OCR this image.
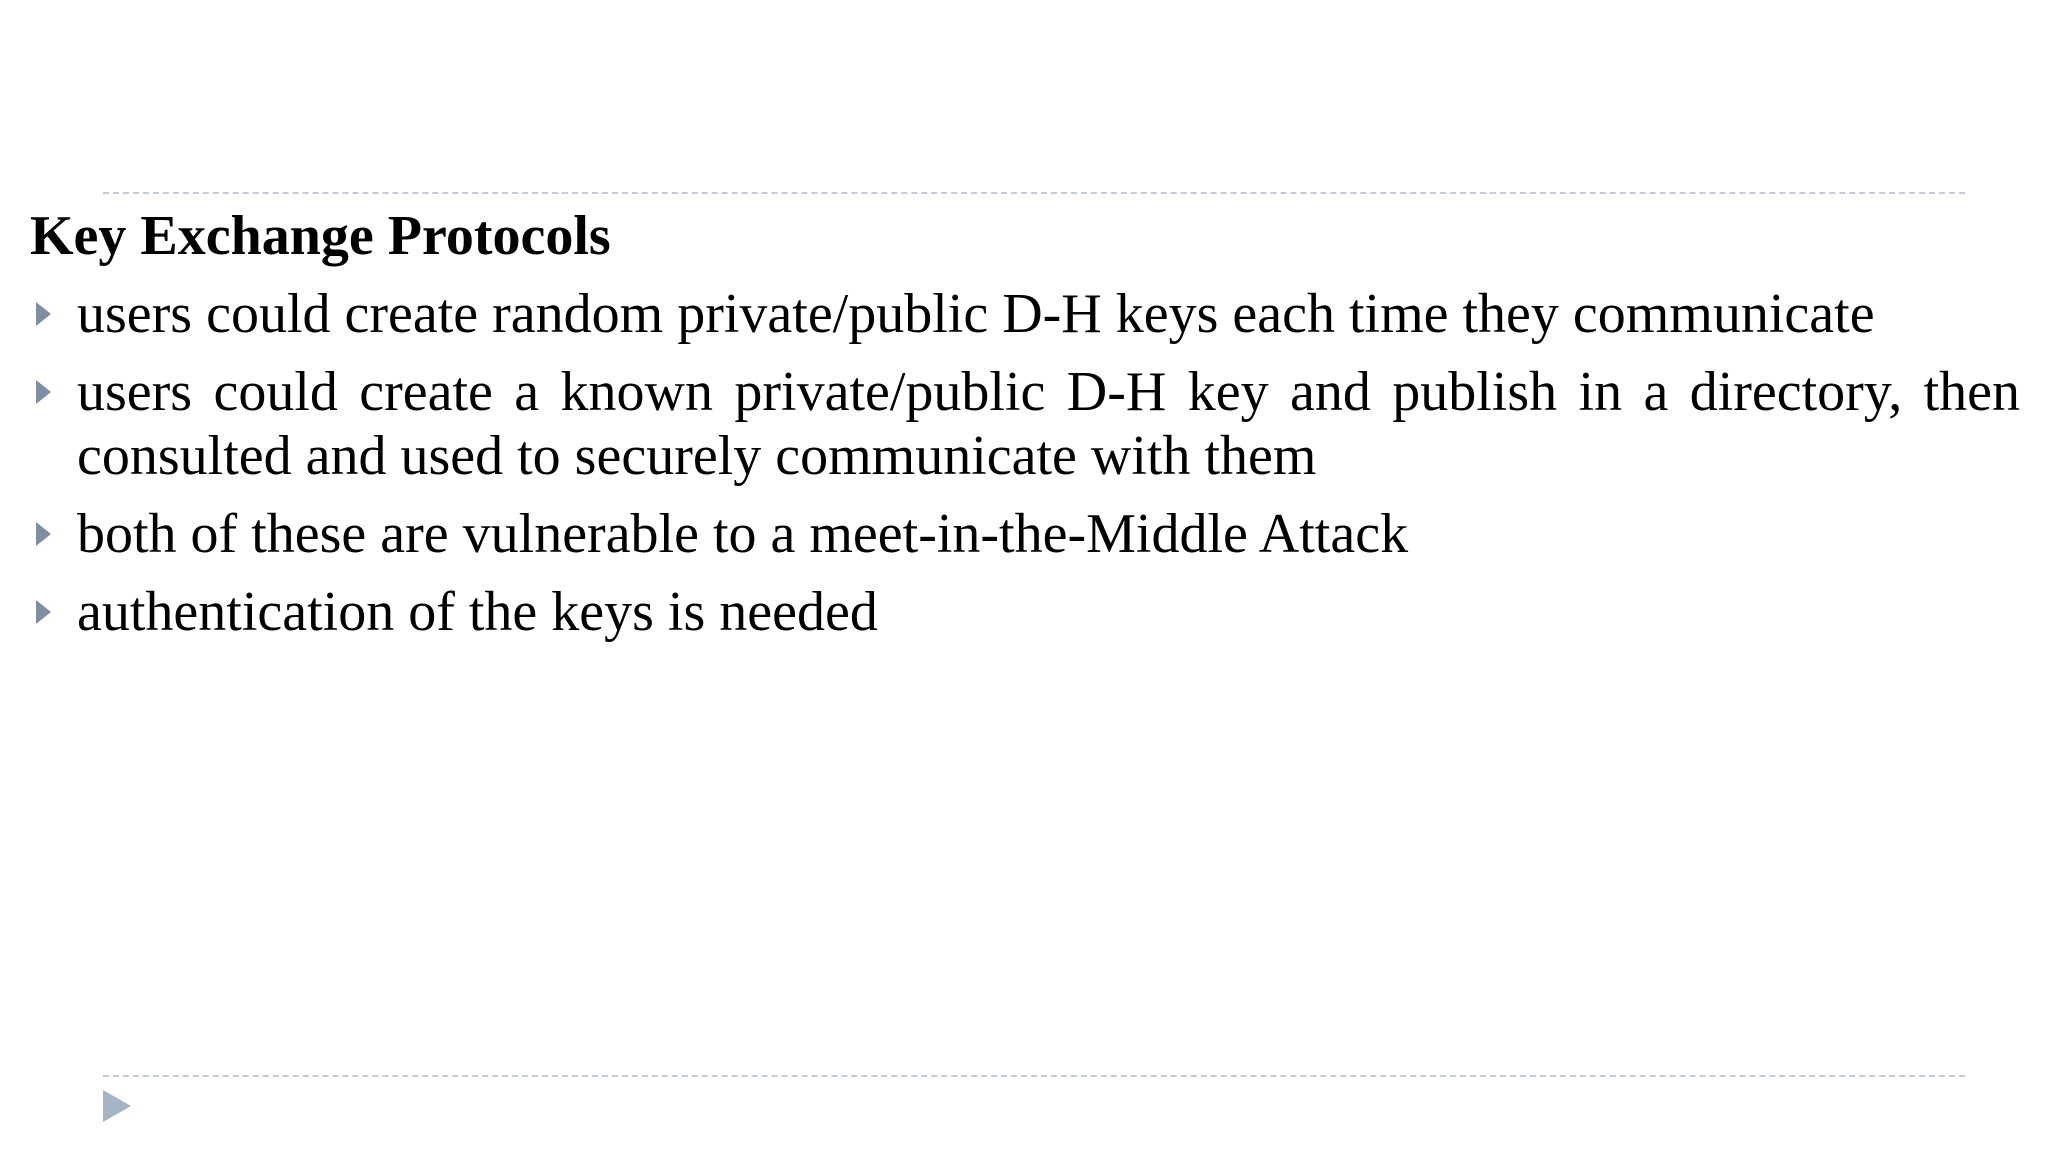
Key Exchange Protocols
users could create random private/public D-H keys each time they communicate
users could create a known private/public D-H key and publish in a directory, then consulted and used to securely communicate with them
both of these are vulnerable to a meet-in-the-Middle Attack
authentication of the keys is needed
